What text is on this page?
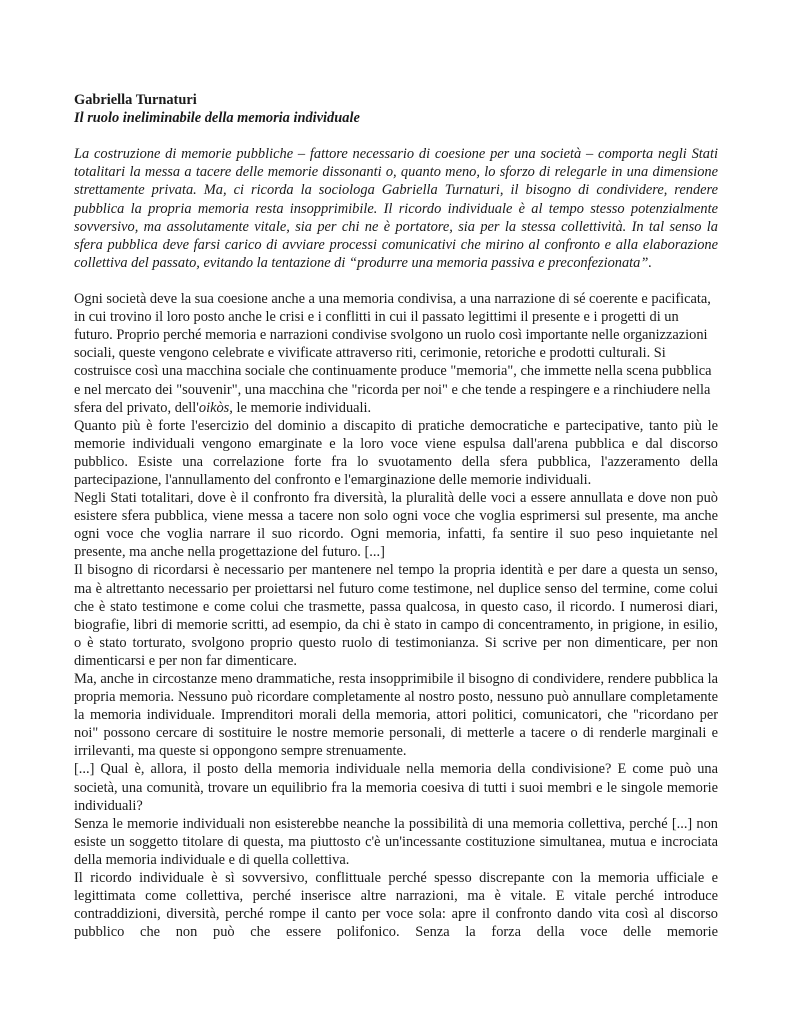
Gabriella Turnaturi
Il ruolo ineliminabile della memoria individuale

La costruzione di memorie pubbliche – fattore necessario di coesione per una società – comporta negli Stati totalitari la messa a tacere delle memorie dissonanti o, quanto meno, lo sforzo di relegarle in una dimensione strettamente privata. Ma, ci ricorda la sociologa Gabriella Turnaturi, il bisogno di condividere, rendere pubblica la propria memoria resta insopprimibile. Il ricordo individuale è al tempo stesso potenzialmente sovversivo, ma assolutamente vitale, sia per chi ne è portatore, sia per la stessa collettività. In tal senso la sfera pubblica deve farsi carico di avviare processi comunicativi che mirino al confronto e alla elaborazione collettiva del passato, evitando la tentazione di “produrre una memoria passiva e preconfezionata”.

Ogni società deve la sua coesione anche a una memoria condivisa, a una narrazione di sé coerente e pacificata, in cui trovino il loro posto anche le crisi e i conflitti in cui il passato legittimi il presente e i progetti di un futuro. Proprio perché memoria e narrazioni condivise svolgono un ruolo così importante nelle organizzazioni sociali, queste vengono celebrate e vivificate attraverso riti, cerimonie, retoriche e prodotti culturali. Si costruisce così una macchina sociale che continuamente produce "memoria", che immette nella scena pubblica e nel mercato dei "souvenir", una macchina che "ricorda per noi" e che tende a respingere e a rinchiudere nella sfera del privato, dell'oikòs, le memorie individuali.

Quanto più è forte l'esercizio del dominio a discapito di pratiche democratiche e partecipative, tanto più le memorie individuali vengono emarginate e la loro voce viene espulsa dall'arena pubblica e dal discorso pubblico. Esiste una correlazione forte fra lo svuotamento della sfera pubblica, l'azzeramento della partecipazione, l'annullamento del confronto e l'emarginazione delle memorie individuali.

Negli Stati totalitari, dove è il confronto fra diversità, la pluralità delle voci a essere annullata e dove non può esistere sfera pubblica, viene messa a tacere non solo ogni voce che voglia esprimersi sul presente, ma anche ogni voce che voglia narrare il suo ricordo. Ogni memoria, infatti, fa sentire il suo peso inquietante nel presente, ma anche nella progettazione del futuro. [...]

Il bisogno di ricordarsi è necessario per mantenere nel tempo la propria identità e per dare a questa un senso, ma è altrettanto necessario per proiettarsi nel futuro come testimone, nel duplice senso del termine, come colui che è stato testimone e come colui che trasmette, passa qualcosa, in questo caso, il ricordo. I numerosi diari, biografie, libri di memorie scritti, ad esempio, da chi è stato in campo di concentramento, in prigione, in esilio, o è stato torturato, svolgono proprio questo ruolo di testimonianza. Si scrive per non dimenticare, per non dimenticarsi e per non far dimenticare.

Ma, anche in circostanze meno drammatiche, resta insopprimibile il bisogno di condividere, rendere pubblica la propria memoria. Nessuno può ricordare completamente al nostro posto, nessuno può annullare completamente la memoria individuale. Imprenditori morali della memoria, attori politici, comunicatori, che "ricordano per noi" possono cercare di sostituire le nostre memorie personali, di metterle a tacere o di renderle marginali e irrilevanti, ma queste si oppongono sempre strenuamente.

[...] Qual è, allora, il posto della memoria individuale nella memoria della condivisione? E come può una società, una comunità, trovare un equilibrio fra la memoria coesiva di tutti i suoi membri e le singole memorie individuali?

Senza le memorie individuali non esisterebbe neanche la possibilità di una memoria collettiva, perché [...] non esiste un soggetto titolare di questa, ma piuttosto c'è un'incessante costituzione simultanea, mutua e incrociata della memoria individuale e di quella collettiva.

Il ricordo individuale è sì sovversivo, conflittuale perché spesso discrepante con la memoria ufficiale e legittimata come collettiva, perché inserisce altre narrazioni, ma è vitale. E vitale perché introduce contraddizioni, diversità, perché rompe il canto per voce sola: apre il confronto dando vita così al discorso pubblico che non può che essere polifonico. Senza la forza della voce delle memorie
